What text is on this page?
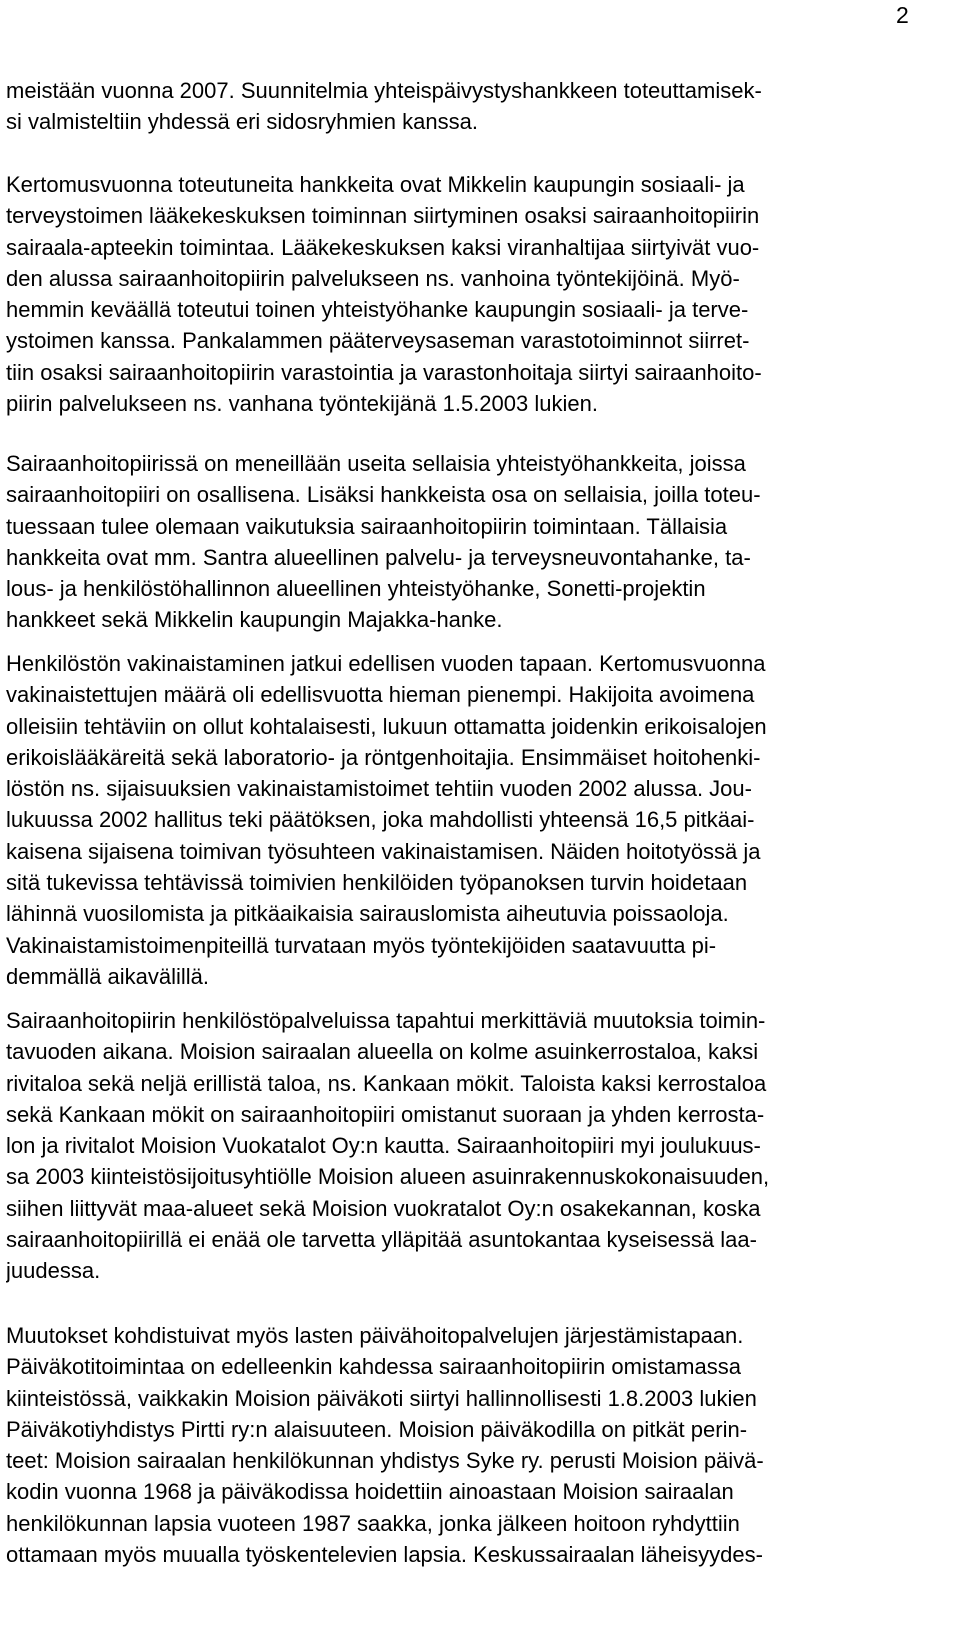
2
meistään vuonna 2007. Suunnitelmia yhteispäivystyshankkeen toteuttamisek-
si valmisteltiin yhdessä eri sidosryhmien kanssa.
Kertomusvuonna toteutuneita hankkeita ovat Mikkelin kaupungin sosiaali- ja
terveystoimen lääkekeskuksen toiminnan siirtyminen osaksi sairaanhoitopiirin
sairaala-apteekin toimintaa. Lääkekeskuksen kaksi viranhaltijaa siirtyivät vuo-
den alussa sairaanhoitopiirin palvelukseen ns. vanhoina työntekijöinä. Myö-
hemmin keväällä toteutui toinen yhteistyöhanke kaupungin sosiaali- ja terve-
ystoimen kanssa. Pankalammen pääterveysaseman varastotoiminnot siirret-
tiin osaksi sairaanhoitopiirin varastointia ja varastonhoitaja siirtyi sairaanhoito-
piirin palvelukseen ns. vanhana työntekijänä 1.5.2003 lukien.
Sairaanhoitopiirissä on meneillään useita sellaisia yhteistyöhankkeita, joissa
sairaanhoitopiiri on osallisena. Lisäksi hankkeista osa on sellaisia, joilla toteu-
tuessaan tulee olemaan vaikutuksia sairaanhoitopiirin toimintaan. Tällaisia
hankkeita ovat mm. Santra alueellinen palvelu- ja terveysneuvontahanke, ta-
lous- ja henkilöstöhallinnon alueellinen yhteistyöhanke, Sonetti-projektin
hankkeet sekä Mikkelin kaupungin Majakka-hanke.
Henkilöstön vakinaistaminen jatkui edellisen vuoden tapaan. Kertomusvuonna
vakinaistettujen määrä oli edellisvuotta hieman pienempi. Hakijoita avoimena
olleisiin tehtäviin on ollut kohtalaisesti, lukuun ottamatta joidenkin erikoisalojen
erikoislääkäreitä sekä laboratorio- ja röntgenhoitajia. Ensimmäiset hoitohenki-
löstön ns. sijaisuuksien vakinaistamistoimet tehtiin vuoden 2002 alussa. Jou-
lukuussa 2002 hallitus teki päätöksen, joka mahdollisti yhteensä 16,5 pitkäai-
kaisena sijaisena toimivan työsuhteen vakinaistamisen. Näiden hoitotyössä ja
sitä tukevissa tehtävissä toimivien henkilöiden työpanoksen turvin hoidetaan
lähinnä vuosilomista ja pitkäaikaisia sairauslomista aiheutuvia poissaoloja.
Vakinaistamistoimenpiteillä turvataan myös työntekijöiden saatavuutta pi-
demmällä aikavälillä.
Sairaanhoitopiirin henkilöstöpalveluissa tapahtui merkittäviä muutoksia toimin-
tavuoden aikana. Moision sairaalan alueella on kolme asuinkerrostaloa, kaksi
rivitaloa sekä neljä erillistä taloa, ns. Kankaan mökit. Taloista kaksi kerrostaloa
sekä Kankaan mökit on sairaanhoitopiiri omistanut suoraan ja yhden kerrosta-
lon ja rivitalot Moision Vuokatalot Oy:n kautta. Sairaanhoitopiiri myi joulukuus-
sa 2003 kiinteistösijoitusyhtiölle Moision alueen asuinrakennuskokonaisuuden,
siihen liittyvät maa-alueet sekä Moision vuokratalot Oy:n osakekannan, koska
sairaanhoitopiirillä ei enää ole tarvetta ylläpitää asuntokantaa kyseisessä laa-
juudessa.
Muutokset kohdistuivat myös lasten päivähoitopalvelujen järjestämistapaan.
Päiväkotitoimintaa on edelleenkin kahdessa sairaanhoitopiirin omistamassa
kiinteistössä, vaikkakin Moision päiväkoti siirtyi hallinnollisesti 1.8.2003 lukien
Päiväkotiyhdistys Pirtti ry:n alaisuuteen. Moision päiväkodilla on pitkät perin-
teet: Moision sairaalan henkilökunnan yhdistys Syke ry. perusti Moision päivä-
kodin vuonna 1968 ja päiväkodissa hoidettiin ainoastaan Moision sairaalan
henkilökunnan lapsia vuoteen 1987 saakka, jonka jälkeen hoitoon ryhdyttiin
ottamaan myös muualla työskentelevien lapsia. Keskussairaalan läheisyydes-
